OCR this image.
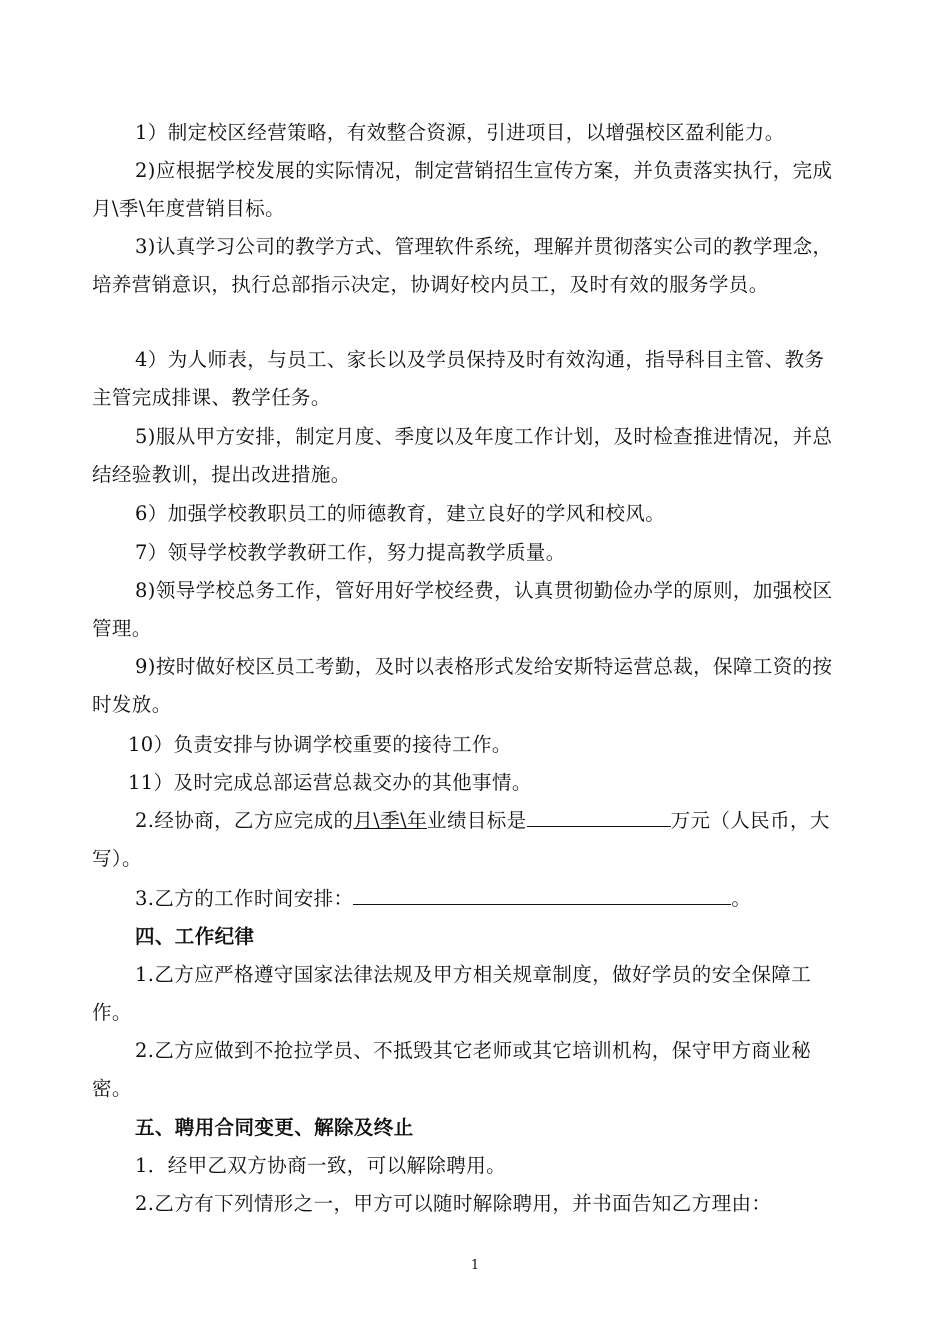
1）制定校区经营策略，有效整合资源，引进项目，以增强校区盈利能力。

2)应根据学校发展的实际情况，制定营销招生宣传方案，并负责落实执行，完成月\季\年度营销目标。

3)认真学习公司的教学方式、管理软件系统，理解并贯彻落实公司的教学理念，培养营销意识，执行总部指示决定，协调好校内员工，及时有效的服务学员。

4）为人师表，与员工、家长以及学员保持及时有效沟通，指导科目主管、教务主管完成排课、教学任务。

5)服从甲方安排，制定月度、季度以及年度工作计划，及时检查推进情况，并总结经验教训，提出改进措施。

6）加强学校教职员工的师德教育，建立良好的学风和校风。

7）领导学校教学教研工作，努力提高教学质量。

8)领导学校总务工作，管好用好学校经费，认真贯彻勤俭办学的原则，加强校区管理。

9)按时做好校区员工考勤，及时以表格形式发给安斯特运营总裁，保障工资的按时发放。

10）负责安排与协调学校重要的接待工作。

11）及时完成总部运营总裁交办的其他事情。

2.经协商，乙方应完成的月\季\年业绩目标是	万元（人民币，大写）。

3.乙方的工作时间安排：	。

四、工作纪律

1.乙方应严格遵守国家法律法规及甲方相关规章制度，做好学员的安全保障工作。

2.乙方应做到不抢拉学员、不抵毁其它老师或其它培训机构，保守甲方商业秘密。

五、聘用合同变更、解除及终止

1．经甲乙双方协商一致，可以解除聘用。

2.乙方有下列情形之一，甲方可以随时解除聘用，并书面告知乙方理由：

1
